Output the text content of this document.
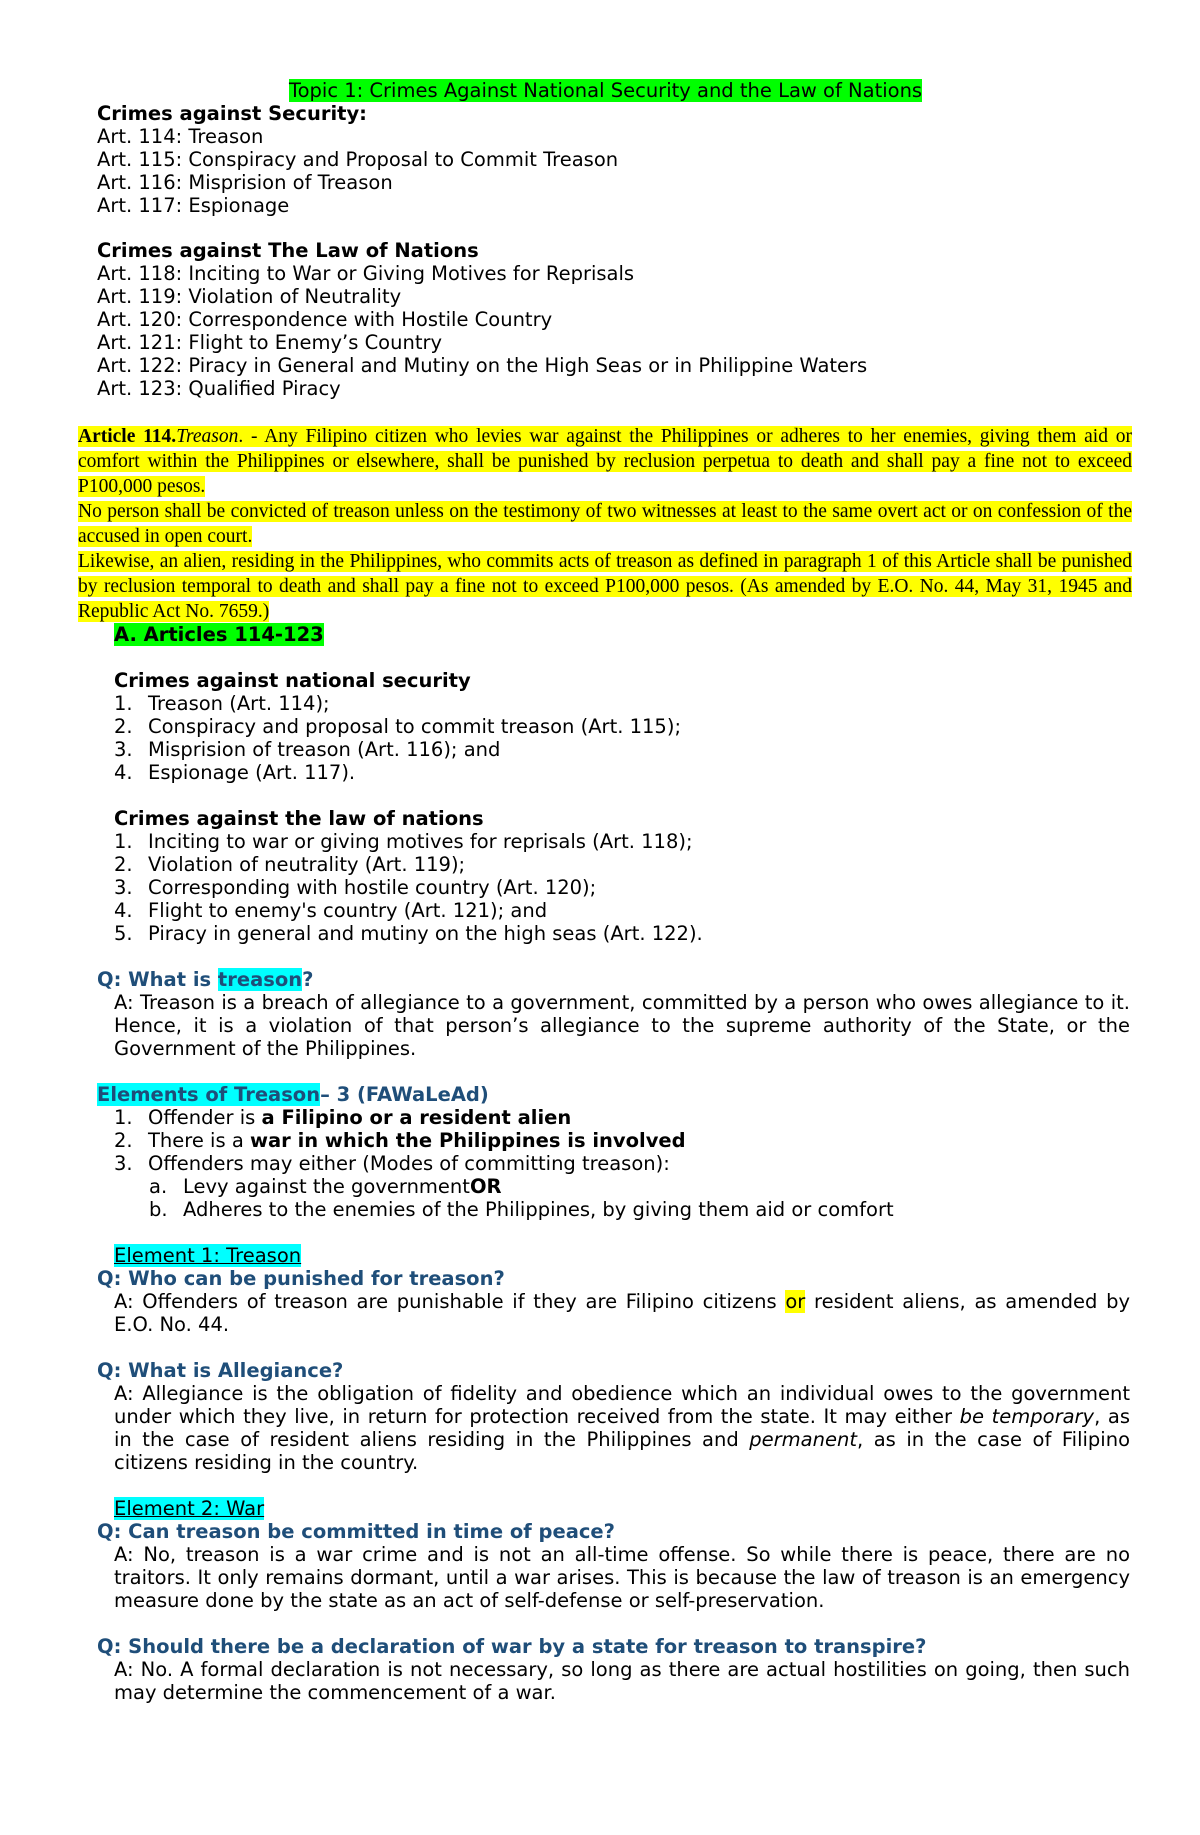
Topic 1: Crimes Against National Security and the Law of Nations
Crimes against Security:
Art. 114: Treason
Art. 115: Conspiracy and Proposal to Commit Treason
Art. 116: Misprision of Treason
Art. 117: Espionage
Crimes against The Law of Nations
Art. 118: Inciting to War or Giving Motives for Reprisals
Art. 119: Violation of Neutrality
Art. 120: Correspondence with Hostile Country
Art. 121: Flight to Enemy’s Country
Art. 122: Piracy in General and Mutiny on the High Seas or in Philippine Waters
Art. 123: Qualified Piracy

Article 114.Treason. - Any Filipino citizen who levies war against the Philippines or adheres to her enemies, giving them aid or comfort within the Philippines or elsewhere, shall be punished by reclusion perpetua to death and shall pay a fine not to exceed P100,000 pesos.

No person shall be convicted of treason unless on the testimony of two witnesses at least to the same overt act or on confession of the accused in open court.

Likewise, an alien, residing in the Philippines, who commits acts of treason as defined in paragraph 1 of this Article shall be punished by reclusion temporal to death and shall pay a fine not to exceed P100,000 pesos. (As amended by E.O. No. 44, May 31, 1945 and Republic Act No. 7659.)

A. Articles 114-123
Crimes against national security
1. Treason (Art. 114);
2. Conspiracy and proposal to commit treason (Art. 115);
3. Misprision of treason (Art. 116); and
4. Espionage (Art. 117).
Crimes against the law of nations
1. Inciting to war or giving motives for reprisals (Art. 118);
2. Violation of neutrality (Art. 119);
3. Corresponding with hostile country (Art. 120);
4. Flight to enemy's country (Art. 121); and
5. Piracy in general and mutiny on the high seas (Art. 122).
Q: What is treason?
A: Treason is a breach of allegiance to a government, committed by a person who owes allegiance to it. Hence, it is a violation of that person’s allegiance to the supreme authority of the State, or the Government of the Philippines.
Elements of Treason– 3 (FAWaLeAd)
1. Offender is a Filipino or a resident alien
2. There is a war in which the Philippines is involved
3. Offenders may either (Modes of committing treason):
a. Levy against the governmentOR
b. Adheres to the enemies of the Philippines, by giving them aid or comfort
Element 1: Treason
Q: Who can be punished for treason?
A: Offenders of treason are punishable if they are Filipino citizens or resident aliens, as amended by E.O. No. 44.
Q: What is Allegiance?
A: Allegiance is the obligation of fidelity and obedience which an individual owes to the government under which they live, in return for protection received from the state. It may either be temporary, as in the case of resident aliens residing in the Philippines and permanent, as in the case of Filipino citizens residing in the country.
Element 2: War
Q: Can treason be committed in time of peace?
A: No, treason is a war crime and is not an all-time offense. So while there is peace, there are no traitors. It only remains dormant, until a war arises. This is because the law of treason is an emergency measure done by the state as an act of self-defense or self-preservation.
Q: Should there be a declaration of war by a state for treason to transpire?
A: No. A formal declaration is not necessary, so long as there are actual hostilities on going, then such may determine the commencement of a war.
